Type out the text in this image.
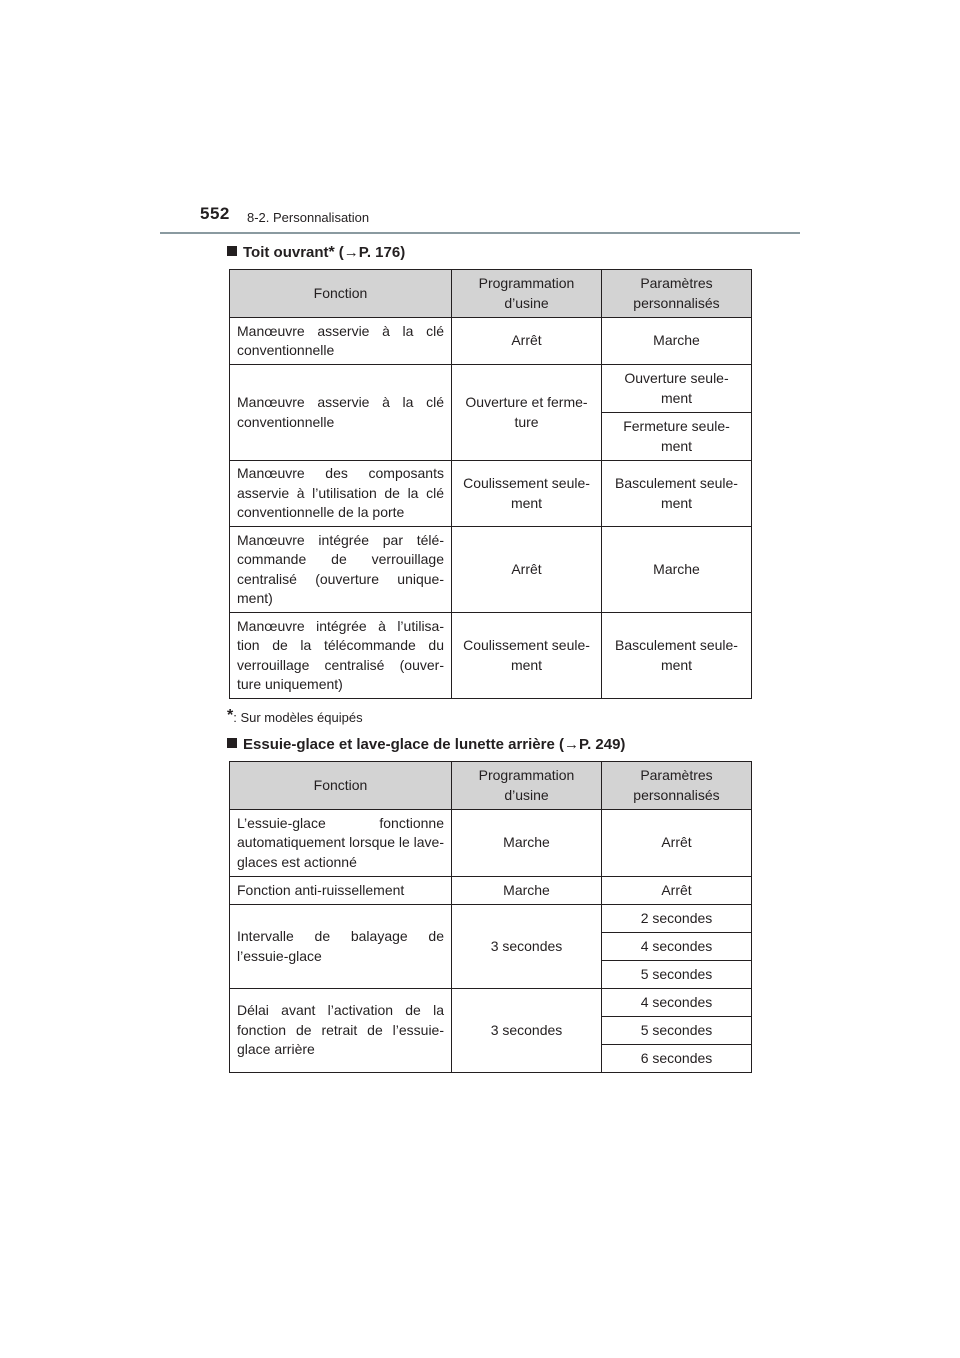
552 8-2. Personnalisation
Toit ouvrant * (→P. 176)
Fonction	Programmation d’usine	Paramètres personnalisés
Manœuvre asservie à la clé conventionnelle	Arrêt	Marche
Manœuvre asservie à la clé conventionnelle	Ouverture et ferme- ture	Ouverture seule- ment
		Fermeture seule- ment
Manœuvre des composants asservie à l’utilisation de la clé conventionnelle de la porte	Coulissement seule- ment	Basculement seule- ment
Manœuvre intégrée par télé- commande de verrouillage centralisé (ouverture unique- ment)	Arrêt	Marche
Manœuvre intégrée à l’utilisa- tion de la télécommande du verrouillage centralisé (ouver- ture uniquement)	Coulissement seule- ment	Basculement seule- ment
*: Sur modèles équipés
Essuie-glace et lave-glace de lunette arrière
(→P. 249)
Fonction	Programmation d’usine	Paramètres personnalisés
L’essuie-glace fonctionne automatiquement lorsque le lave-glaces est actionné	Marche	Arrêt
Fonction anti-ruissellement	Marche	Arrêt
Intervalle de balayage de l’essuie-glace	3 secondes	2 secondes
		4 secondes
		5 secondes
Délai avant l’activation de la fonction de retrait de l’essuie- glace arrière	3 secondes	4 secondes
		5 secondes
		6 secondes
